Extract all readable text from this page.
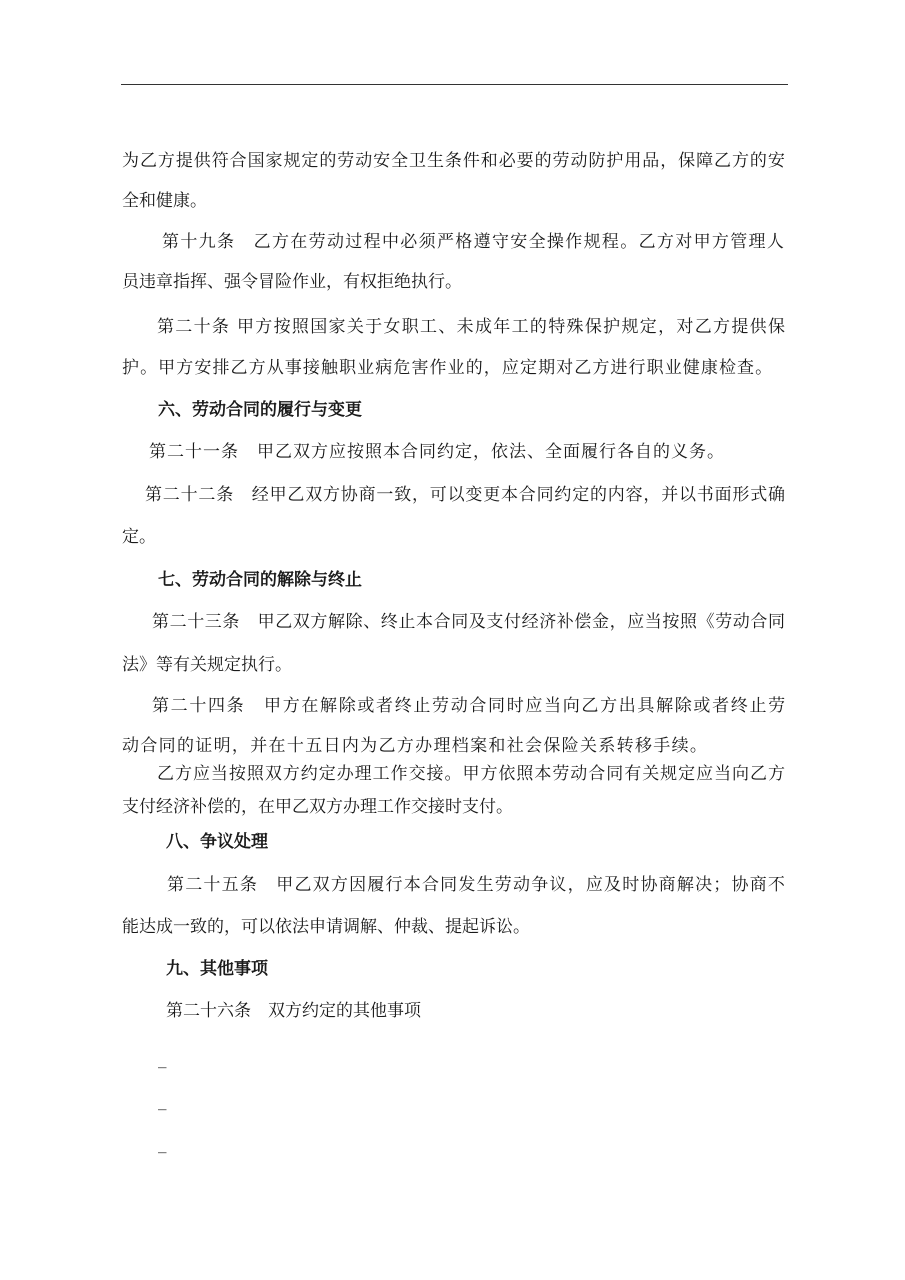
为乙方提供符合国家规定的劳动安全卫生条件和必要的劳动防护用品，保障乙方的安
全和健康。
第十九条　乙方在劳动过程中必须严格遵守安全操作规程。乙方对甲方管理人
员违章指挥、强令冒险作业，有权拒绝执行。
第二十条 甲方按照国家关于女职工、未成年工的特殊保护规定，对乙方提供保
护。甲方安排乙方从事接触职业病危害作业的，应定期对乙方进行职业健康检查。
六、劳动合同的履行与变更
第二十一条　甲乙双方应按照本合同约定，依法、全面履行各自的义务。
第二十二条　经甲乙双方协商一致，可以变更本合同约定的内容，并以书面形式确
定。
七、劳动合同的解除与终止
第二十三条　甲乙双方解除、终止本合同及支付经济补偿金，应当按照《劳动合同
法》等有关规定执行。
第二十四条　甲方在解除或者终止劳动合同时应当向乙方出具解除或者终止劳
动合同的证明，并在十五日内为乙方办理档案和社会保险关系转移手续。
乙方应当按照双方约定办理工作交接。甲方依照本劳动合同有关规定应当向乙方
支付经济补偿的，在甲乙双方办理工作交接时支付。
八、争议处理
第二十五条　甲乙双方因履行本合同发生劳动争议，应及时协商解决；协商不
能达成一致的，可以依法申请调解、仲裁、提起诉讼。
九、其他事项
第二十六条　双方约定的其他事项
_
_
_
